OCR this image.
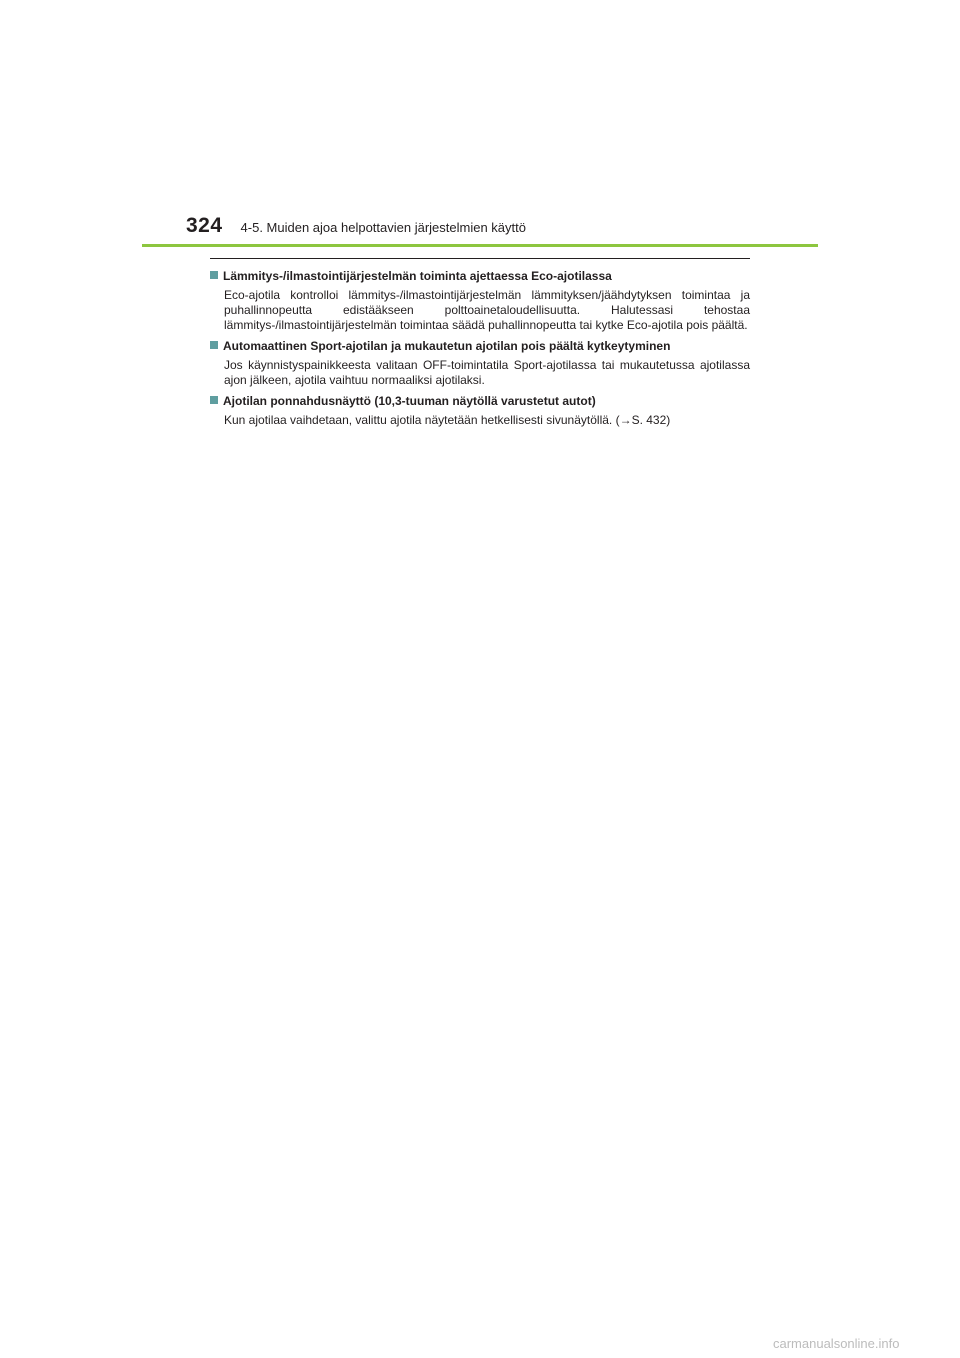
324 4-5. Muiden ajoa helpottavien järjestelmien käyttö
Lämmitys-/ilmastointijärjestelmän toiminta ajettaessa Eco-ajotilassa
Eco-ajotila kontrolloi lämmitys-/ilmastointijärjestelmän lämmityksen/jäähdytyksen toimintaa ja puhallinnopeutta edistääkseen polttoainetaloudellisuutta. Halutessasi tehostaa lämmitys-/ilmastointijärjestelmän toimintaa säädä puhallinnopeutta tai kytke Eco-ajotila pois päältä.
Automaattinen Sport-ajotilan ja mukautetun ajotilan pois päältä kytkeytyminen
Jos käynnistyspainikkeesta valitaan OFF-toimintatila Sport-ajotilassa tai mukautetussa ajotilassa ajon jälkeen, ajotila vaihtuu normaaliksi ajotilaksi.
Ajotilan ponnahdusnäyttö (10,3-tuuman näytöllä varustetut autot)
Kun ajotilaa vaihdetaan, valittu ajotila näytetään hetkellisesti sivunäytöllä. (→S. 432)
carmanualsonline.info
